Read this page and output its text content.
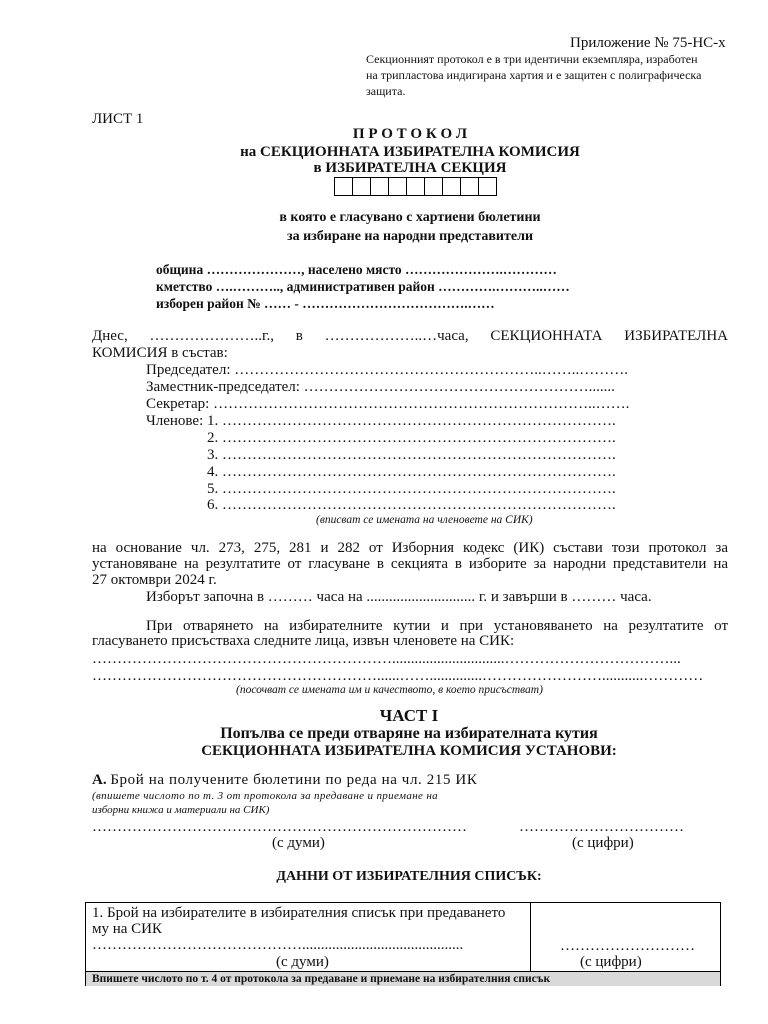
Приложение № 75-НС-х
Секционният протокол е в три идентични екземпляра, изработен
на трипластова индигирана хартия и е защитен с полиграфическа
защита.
ЛИСТ 1
П Р О Т О К О Л
на СЕКЦИОННАТА ИЗБИРАТЕЛНА КОМИСИЯ
в ИЗБИРАТЕЛНА СЕКЦИЯ
в която е гласувано с хартиени бюлетини
за избиране на народни представители
община …………………, населено място ………………….…………
кметство ….……….., административен район ………….………..……
изборен район № …… - ……………………………….……
Днес, …………………..г., в ………………..…часа, СЕКЦИОННАТА ИЗБИРАТЕЛНА
КОМИСИЯ в състав:
Председател: ……………………………………………………..……..……….
Заместник-председател: ………………………………………………….......
Секретар: …………………………………………………………………..…….
Членове: 1. …………………………………………………………………….
2. …………………………………………………………………….
3. …………………………………………………………………….
4. …………………………………………………………………….
5. …………………………………………………………………….
6. …………………………………………………………………….
(вписват се имената на членовете на СИК)
на основание чл. 273, 275, 281 и 282 от Изборния кодекс (ИК) състави този протокол за
установяване на резултатите от гласуване в секцията в изборите за народни представители на
27 октомври 2024 г.
Изборът започна в ……… часа на ............................. г. и завърши в ……… часа.
При отварянето на избирателните кутии и при установяването на резултатите от
гласуването присъстваха следните лица, извън членовете на СИК:
……………………………………………………..............................……………………………...
…………………………………………………......……..............……………………...........…………
(посочват се имената им и качеството, в което присъстват)
ЧАСТ I
Попълва се преди отваряне на избирателната кутия
СЕКЦИОННАТА ИЗБИРАТЕЛНА КОМИСИЯ УСТАНОВИ:
А. Брой на получените бюлетини по реда на чл. 215 ИК
(впишете числото по т. 3 от протокола за предаване и приемане на
изборни книжа и материали на СИК)
…………………………………………………………………	……………………………
(с думи)	(с цифри)
ДАННИ ОТ ИЗБИРАТЕЛНИЯ СПИСЪК:
1. Брой на избирателите в избирателния списък при предаването
му на СИК
……………………………………...........................................	………………………
(с думи)	(с цифри)
Впишете числото по т. 4 от протокола за предаване и приемане на избирателния списък
